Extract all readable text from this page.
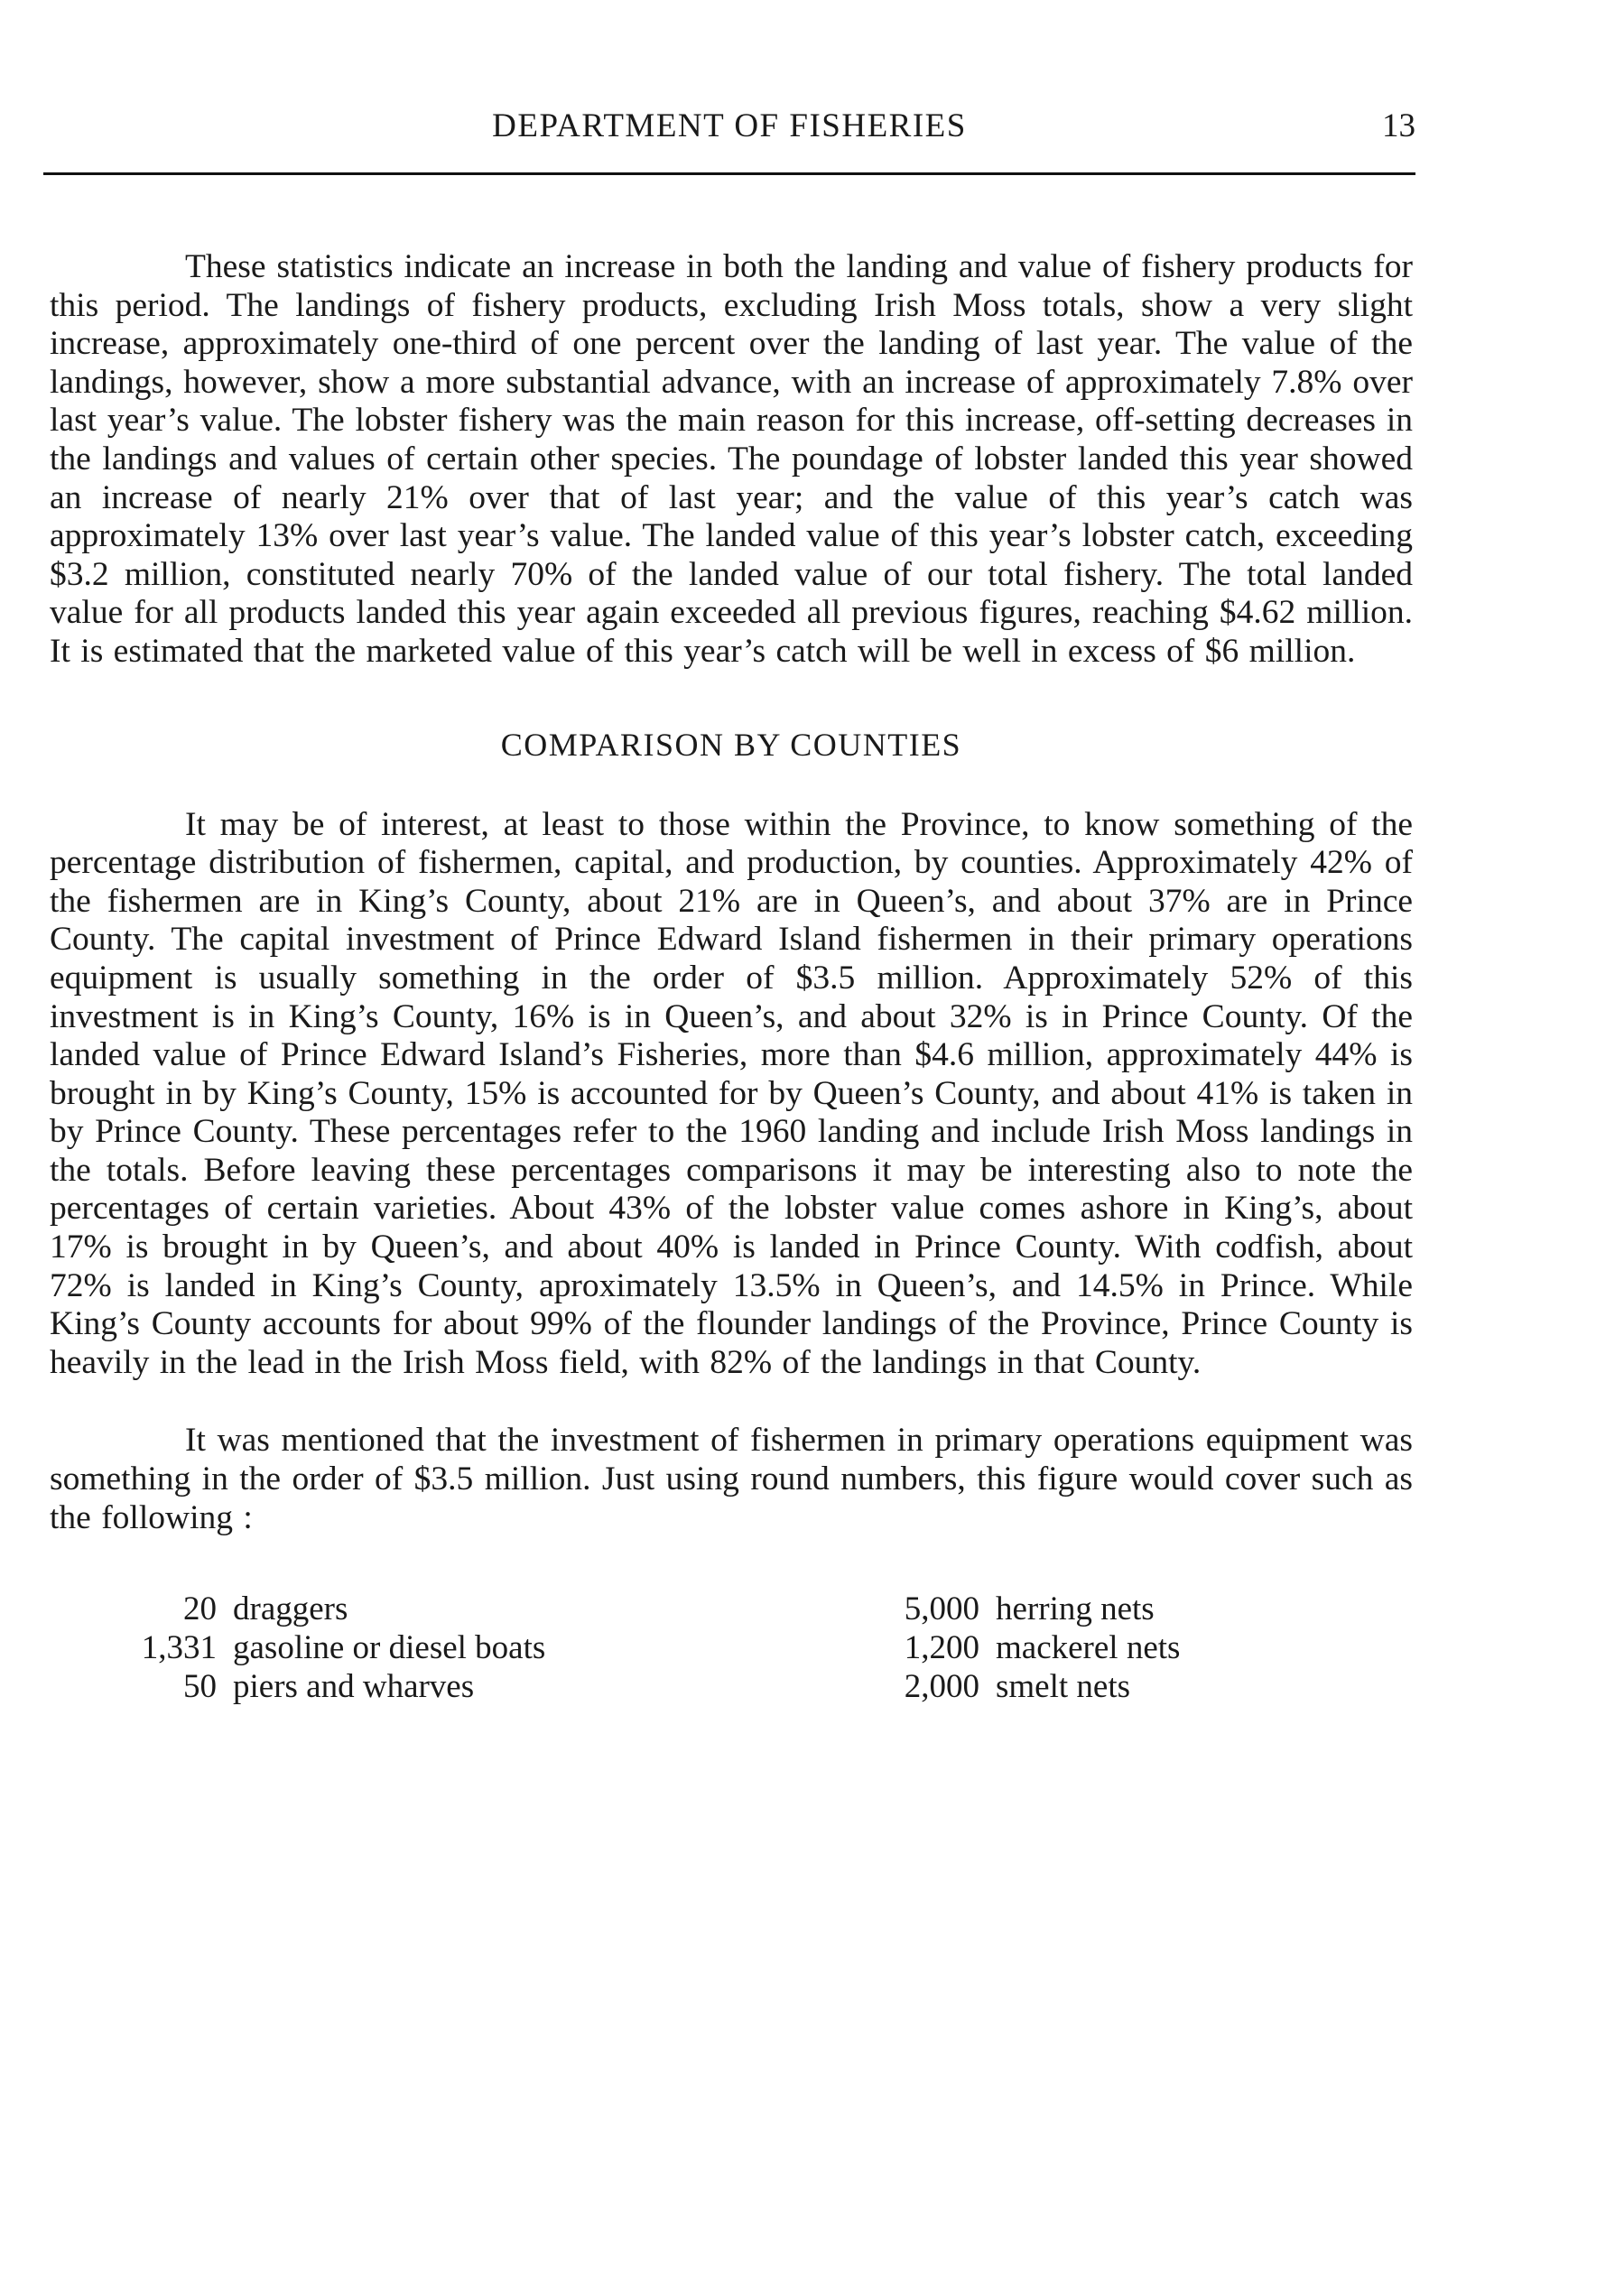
DEPARTMENT OF FISHERIES	13

These statistics indicate an increase in both the landing and value of fishery products for this period. The landings of fishery products, excluding Irish Moss totals, show a very slight increase, approximately one-third of one percent over the landing of last year. The value of the landings, however, show a more substantial advance, with an increase of approximately 7.8% over last year’s value. The lobster fishery was the main reason for this increase, off-setting decreases in the landings and values of certain other species. The poundage of lobster landed this year showed an increase of nearly 21% over that of last year; and the value of this year’s catch was approximately 13% over last year’s value. The landed value of this year’s lobster catch, exceeding $3.2 million, constituted nearly 70% of the landed value of our total fishery. The total landed value for all products landed this year again exceeded all previous figures, reaching $4.62 million. It is estimated that the marketed value of this year’s catch will be well in excess of $6 million.

COMPARISON BY COUNTIES

It may be of interest, at least to those within the Province, to know something of the percentage distribution of fishermen, capital, and production, by counties. Approximately 42% of the fishermen are in King’s County, about 21% are in Queen’s, and about 37% are in Prince County. The capital investment of Prince Edward Island fishermen in their primary operations equipment is usually something in the order of $3.5 million. Approximately 52% of this investment is in King’s County, 16% is in Queen’s, and about 32% is in Prince County. Of the landed value of Prince Edward Island’s Fisheries, more than $4.6 million, approximately 44% is brought in by King’s County, 15% is accounted for by Queen’s County, and about 41% is taken in by Prince County. These percentages refer to the 1960 landing and include Irish Moss landings in the totals. Before leaving these percentages comparisons it may be interesting also to note the percentages of certain varieties. About 43% of the lobster value comes ashore in King’s, about 17% is brought in by Queen’s, and about 40% is landed in Prince County. With codfish, about 72% is landed in King’s County, aproximately 13.5% in Queen’s, and 14.5% in Prince. While King’s County accounts for about 99% of the flounder landings of the Province, Prince County is heavily in the lead in the Irish Moss field, with 82% of the landings in that County.

It was mentioned that the investment of fishermen in primary operations equipment was something in the order of $3.5 million. Just using round numbers, this figure would cover such as the following :

20 draggers
1,331 gasoline or diesel boats
50 piers and wharves
5,000 herring nets
1,200 mackerel nets
2,000 smelt nets
